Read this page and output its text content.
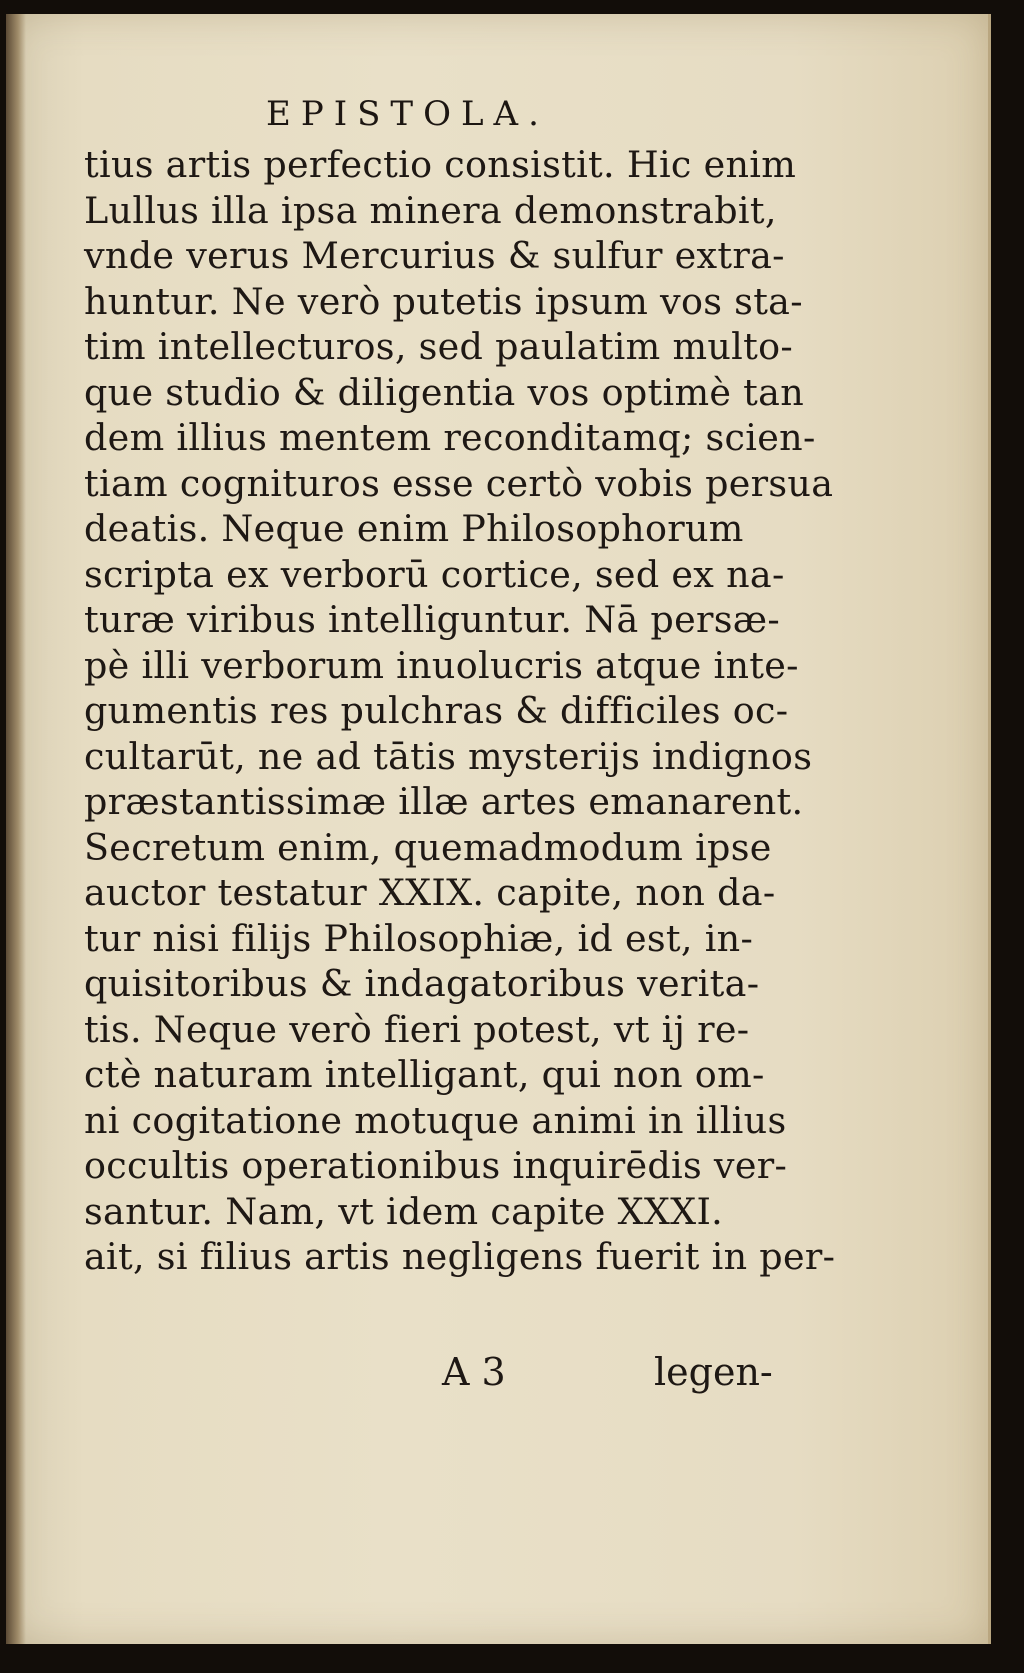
EPISTOLA.
tius artis perfectio consistit. Hic enim
Lullus illa ipsa minera demonstrabit,
vnde verus Mercurius & sulfur extra-
huntur. Ne verò putetis ipsum vos sta-
tim intellecturos, sed paulatim multo-
que studio & diligentia vos optimè tan
dem illius mentem reconditamq; scien-
tiam cognituros esse certò vobis persua
deatis. Neque enim Philosophorum
scripta ex verborū cortice, sed ex na-
turæ viribus intelliguntur. Nā persæ-
pè illi verborum inuolucris atque inte-
gumentis res pulchras & difficiles oc-
cultarūt, ne ad tātis mysterijs indignos
præstantissimæ illæ artes emanarent.
Secretum enim, quemadmodum ipse
auctor testatur XXIX. capite, non da-
tur nisi filijs Philosophiæ, id est, in-
quisitoribus & indagatoribus verita-
tis. Neque verò fieri potest, vt ij re-
ctè naturam intelligant, qui non om-
ni cogitatione motuque animi in illius
occultis operationibus inquirēdis ver-
santur. Nam, vt idem capite XXXI.
ait, si filius artis negligens fuerit in per-
A 3	legen-
